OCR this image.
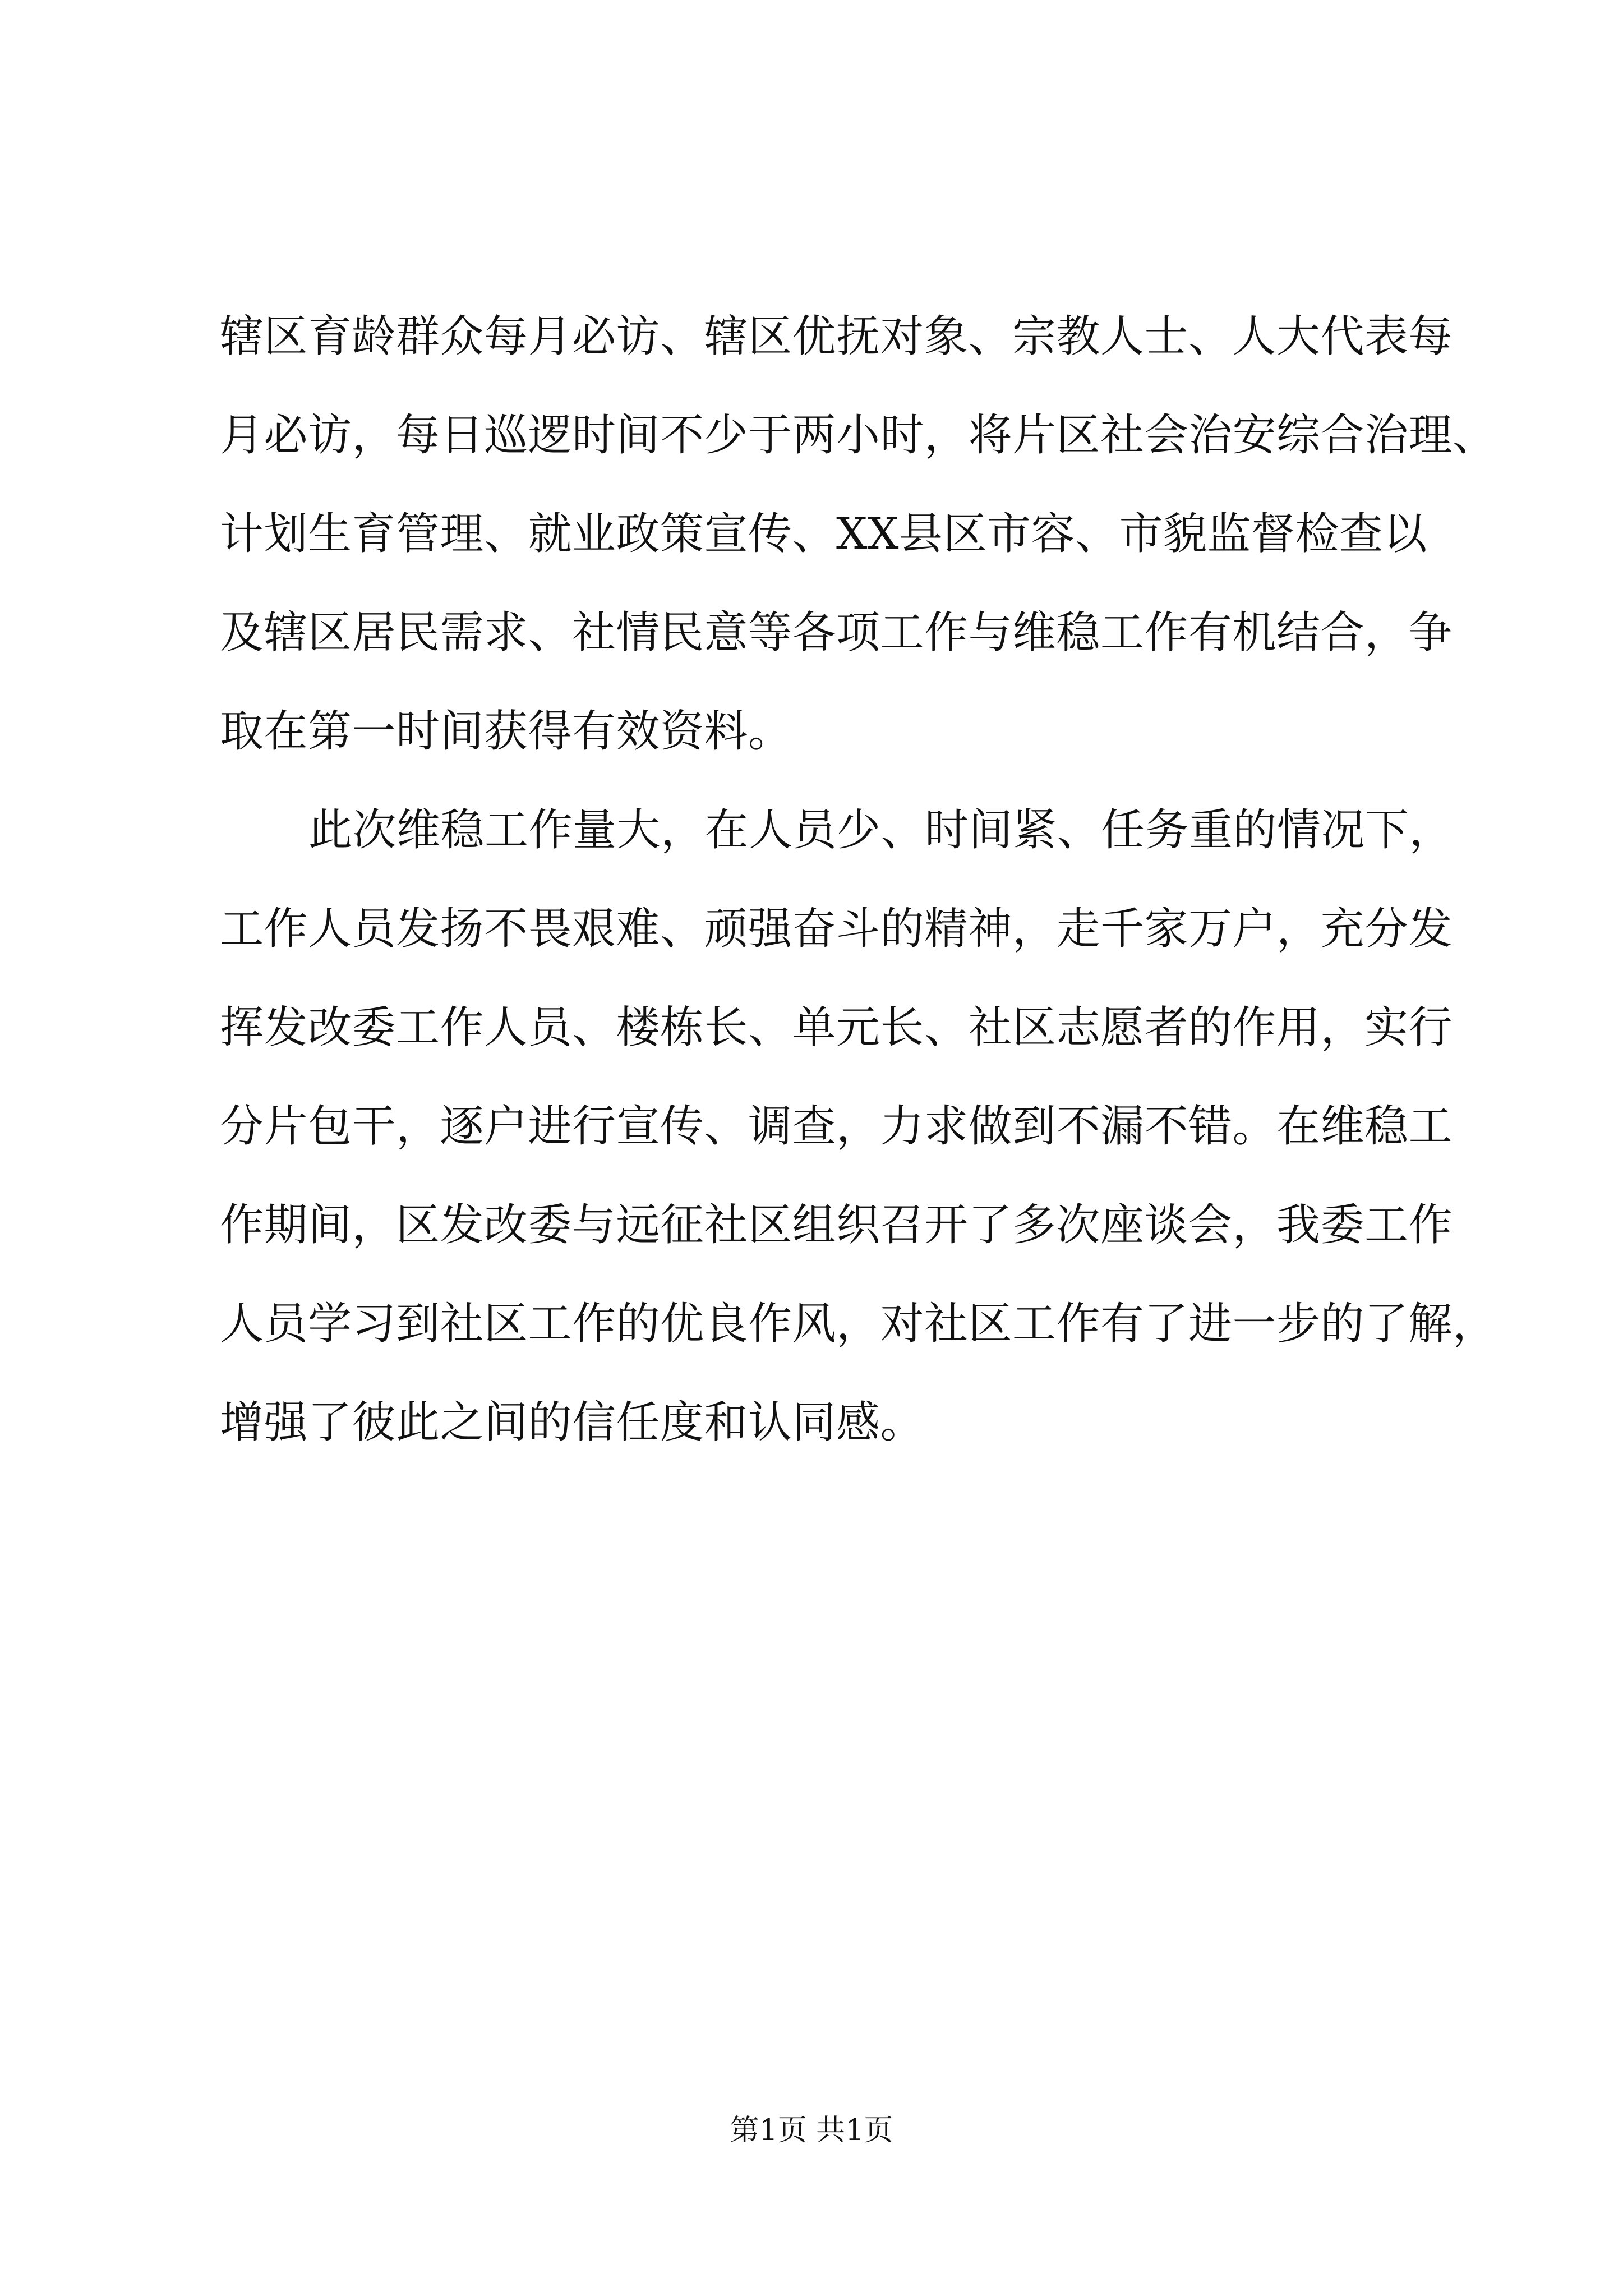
辖区育龄群众每月必访、辖区优抚对象、宗教人士、人大代表每
月必访，每日巡逻时间不少于两小时，将片区社会治安综合治理、
计划生育管理、就业政策宣传、XX县区市容、市貌监督检查以
及辖区居民需求、社情民意等各项工作与维稳工作有机结合，争
取在第一时间获得有效资料。
此次维稳工作量大，在人员少、时间紧、任务重的情况下，
工作人员发扬不畏艰难、顽强奋斗的精神，走千家万户，充分发
挥发改委工作人员、楼栋长、单元长、社区志愿者的作用，实行
分片包干，逐户进行宣传、调查，力求做到不漏不错。在维稳工
作期间，区发改委与远征社区组织召开了多次座谈会，我委工作
人员学习到社区工作的优良作风，对社区工作有了进一步的了解，
增强了彼此之间的信任度和认同感。
第1页 共1页
